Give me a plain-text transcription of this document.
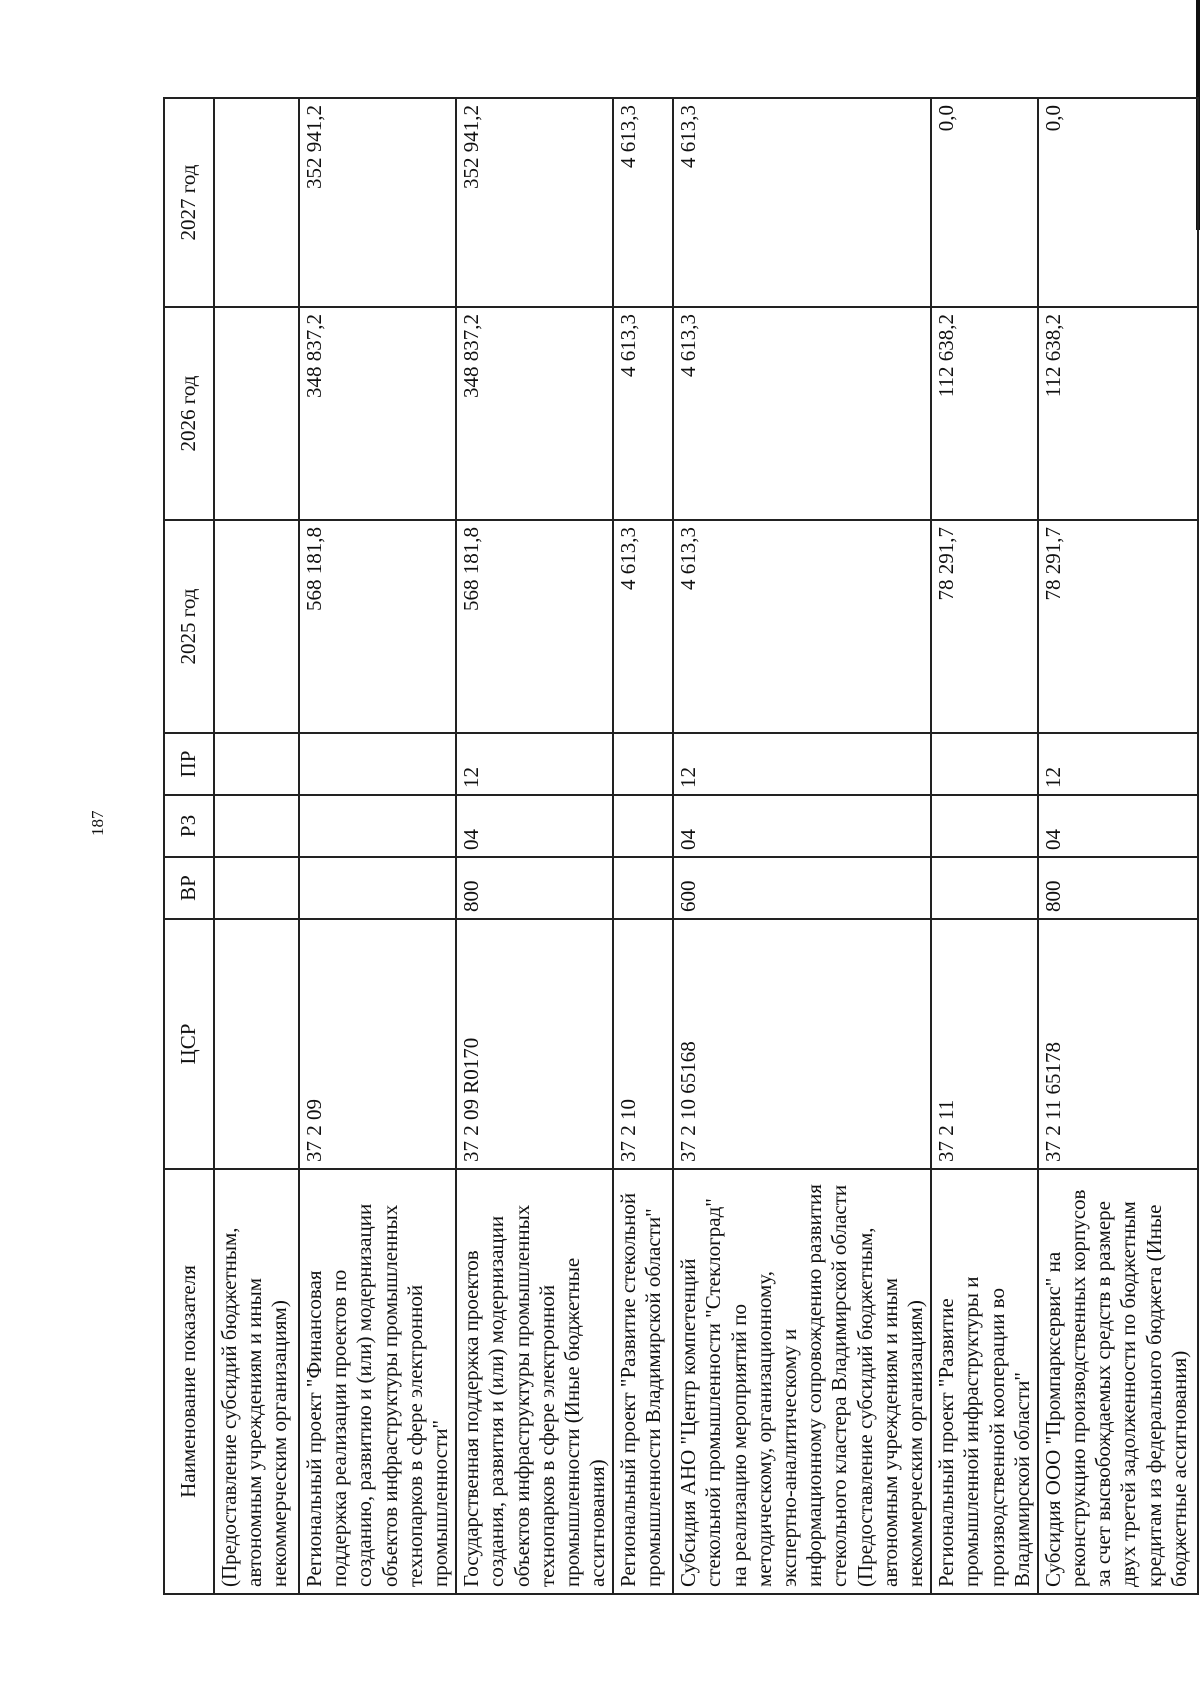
187
Наименование показателя	ЦСР	ВР	РЗ	ПР	2025 год	2026 год	2027 год
(Предоставление субсидий бюджетным, автономным учреждениям и иным некоммерческим организациям)							
Региональный проект "Финансовая поддержка реализации проектов по созданию, развитию и (или) модернизации объектов инфраструктуры промышленных технопарков в сфере электронной промышленности"	37 2 09				568 181,8	348 837,2	352 941,2
Государственная поддержка проектов создания, развития и (или) модернизации объектов инфраструктуры промышленных технопарков в сфере электронной промышленности (Иные бюджетные ассигнования)	37 2 09 R0170	800	04	12	568 181,8	348 837,2	352 941,2
Региональный проект "Развитие стекольной промышленности Владимирской области"	37 2 10				4 613,3	4 613,3	4 613,3
Субсидия АНО "Центр компетенций стекольной промышленности "Стеклоград" на реализацию мероприятий по методическому, организационному, экспертно-аналитическому и информационному сопровождению развития стекольного кластера Владимирской области (Предоставление субсидий бюджетным, автономным учреждениям и иным некоммерческим организациям)	37 2 10 65168	600	04	12	4 613,3	4 613,3	4 613,3
Региональный проект "Развитие промышленной инфраструктуры и производственной кооперации во Владимирской области"	37 2 11				78 291,7	112 638,2	0,0
Субсидия ООО "Промпарксервис" на реконструкцию производственных корпусов за счет высвобождаемых средств в размере двух третей задолженности по бюджетным кредитам из федерального бюджета (Иные бюджетные ассигнования)	37 2 11 65178	800	04	12	78 291,7	112 638,2	0,0
